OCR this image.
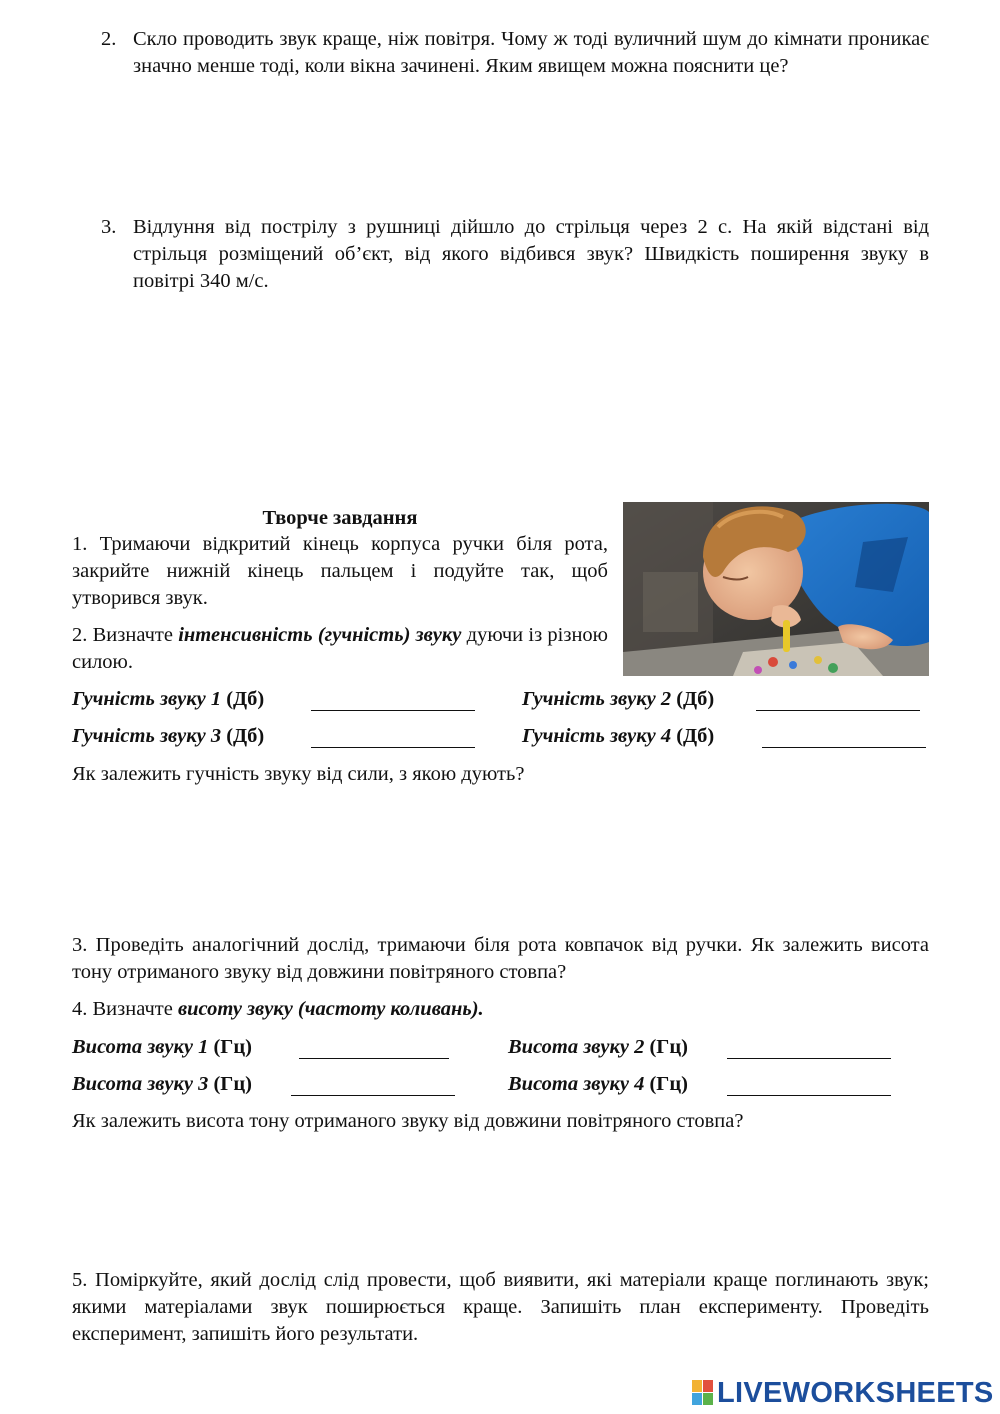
2. Скло проводить звук краще, ніж повітря. Чому ж тоді вуличний шум до кімнати проникає значно менше тоді, коли вікна зачинені. Яким явищем можна пояснити це?
3. Відлуння від пострілу з рушниці дійшло до стрільця через 2 с. На якій відстані від стрільця розміщений об’єкт, від якого відбився звук? Швидкість поширення звуку в повітрі 340 м/с.
Творче завдання
1. Тримаючи відкритий кінець корпуса ручки біля рота, закрийте нижній кінець пальцем і подуйте так, щоб утворився звук.
2. Визначте інтенсивність (гучність) звуку дуючи із різною силою.
Гучність звуку 1 (Дб)	Гучність звуку 2 (Дб)
Гучність звуку 3 (Дб)	Гучність звуку 4 (Дб)
Як залежить гучність звуку від сили, з якою дують?
3. Проведіть аналогічний дослід, тримаючи біля рота ковпачок від ручки. Як залежить висота тону отриманого звуку від довжини повітряного стовпа?
4. Визначте висоту звуку (частоту коливань).
Висота звуку 1 (Гц)	Висота звуку 2 (Гц)
Висота звуку 3 (Гц)	Висота звуку 4 (Гц)
Як залежить висота тону отриманого звуку від довжини повітряного стовпа?
5. Поміркуйте, який дослід слід провести, щоб виявити, які матеріали краще поглинають звук; якими матеріалами звук поширюється краще. Запишіть план експерименту. Проведіть експеримент, запишіть його результати.
LIVEWORKSHEETS
